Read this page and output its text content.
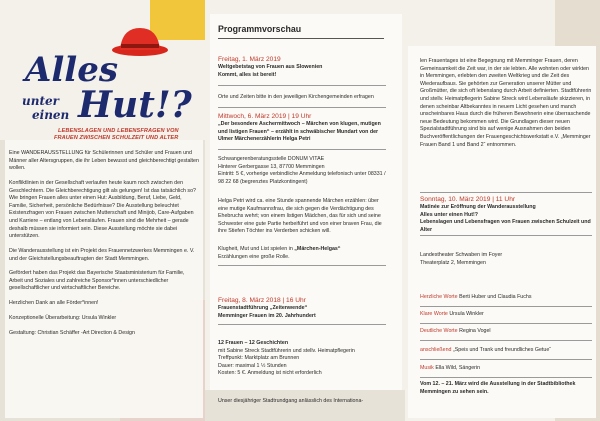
Alles
unter
einen Hut!?
LEBENSLAGEN UND LEBENSFRAGEN VON
FRAUEN ZWISCHEN SCHULZEIT UND ALTER

Eine WANDERAUSSTELLUNG für Schülerinnen und Schüler und Frauen und Männer aller Altersgruppen, die ihr Leben bewusst und gleichberechtigt gestalten wollen.

Konfliktlinien in der Gesellschaft verlaufen heute kaum noch zwischen den Geschlechtern. Die Gleichberechtigung gilt als gelungen! Ist das tatsächlich so? Wie bringen Frauen alles unter einen Hut: Ausbildung, Beruf, Liebe, Geld, Familie, Sicherheit, persönliche Bedürfnisse? Die Ausstellung beleuchtet Existenzfragen von Frauen zwischen Mutterschaft und Minijob, Care-Aufgaben und Karriere – entlang von Lebensläufen. Frauen sind die Mehrheit – gerade deshalb müssen sie informiert sein. Diese Ausstellung möchte sie dabei unterstützen.

Die Wanderausstellung ist ein Projekt des Frauennetzwerkes Memmingen e. V. und der Gleichstellungsbeauftragten der Stadt Memmingen.

Gefördert haben das Projekt das Bayerische Staatsministerium für Familie, Arbeit und Soziales und zahlreiche Sponsor*innen unterschiedlicher gesellschaftlicher und wirtschaftlicher Bereiche.

Herzlichen Dank an alle Förder*innen!

Konzeptionelle Überarbeitung: Ursula Winkler

Gestaltung: Christian Schäffer -Art Direction & Design

Programmvorschau

Freitag, 1. März 2019

Weltgebetstag von Frauen aus Slowenien
Kommt, alles ist bereit!

Orte und Zeiten bitte in den jeweiligen Kirchengemeinden erfragen

Mittwoch, 6. März 2019 | 19 Uhr

„Der besondere Aschermittwoch – Märchen von klugen, mutigen und listigen Frauen“ – erzählt in schwäbischer Mundart von der Ulmer Märchenerzählerin Helga Petri

Schwangerenberatungsstelle DONUM VITAE
Hinterer Gerbergasse 13, 87700 Memmingen
Eintritt: 5 €, vorherige verbindliche Anmeldung telefonisch unter 08331 / 98 22 68 (begrenztes Platzkontingent)

Helga Petri wird ca. eine Stunde spannende Märchen erzählen: über eine mutige Kaufmannsfrau, die sich gegen die Verdächtigung des Ehebruchs wehrt; von einem listigen Mädchen, das für sich und seine Schwester eine gute Partie herbeiführt und von einer braven Frau, die ihre Stiefen Töchter ins Verderben schicken will.

Klugheit, Mut und List spielen in „Märchen-Helgas“
Erzählungen eine große Rolle.

Freitag, 8. März 2018 | 16 Uhr

Frauenstadtführung „Zeitenwende“
Memminger Frauen im 20. Jahrhundert

12 Frauen – 12 Geschichten

mit Sabine Streck Stadtführerin und stellv. Heimatpflegerin
Treffpunkt: Marktplatz am Brunnen
Dauer: maximal 1 ½ Stunden
Kosten: 5 €. Anmeldung ist nicht erforderlich

Unser diesjähriger Stadtrundgang anlässlich des Internationa-

len Frauentages ist eine Begegnung mit Memminger Frauen, deren Gemeinsamkeit die Zeit war, in der sie lebten. Alle wohnten oder wirkten in Memmingen, erlebten den zweiten Weltkrieg und die Zeit des Wiederaufbaus. Sie gehörten zur Generation unserer Mütter und Großmütter, die sich oft lebenslang durch Arbeit definierten. Stadtführerin und stellv. Heimatpflegerin Sabine Streck wird Lebensläufe skizzieren, in denen scheinbar Altbekanntes in neuem Licht gesehen und manch unscheinbares Haus durch die früheren Bewohnerin eine überraschende neue Bedeutung bekommen wird. Die Grundlagen dieser neuen Spezialstadtführung sind bis auf wenige Ausnahmen den beiden Buchveröffentlichungen der Frauengeschichtswerkstatt e.V. „Memminger Frauen Band 1 und Band 2“ entnommen.

Sonntag, 10. März 2019 | 11 Uhr

Matinée zur Eröffnung der Wanderausstellung
Alles unter einen Hut!?
Lebenslagen und Lebensfragen von Frauen zwischen Schulzeit und Alter

Landestheater Schwaben im Foyer
Theaterplatz 2, Memmingen

Herzliche Worte Berti Huber und Claudia Fuchs
Klare Worte Ursula Winkler
Deutliche Worte Regina Vogel
anschließend „Speis und Trank und freundliches Getue“
Musik Ella Wild, Sängerin

Vom 12. – 21. März wird die Ausstellung in der Stadtbibliothek Memmingen zu sehen sein.
